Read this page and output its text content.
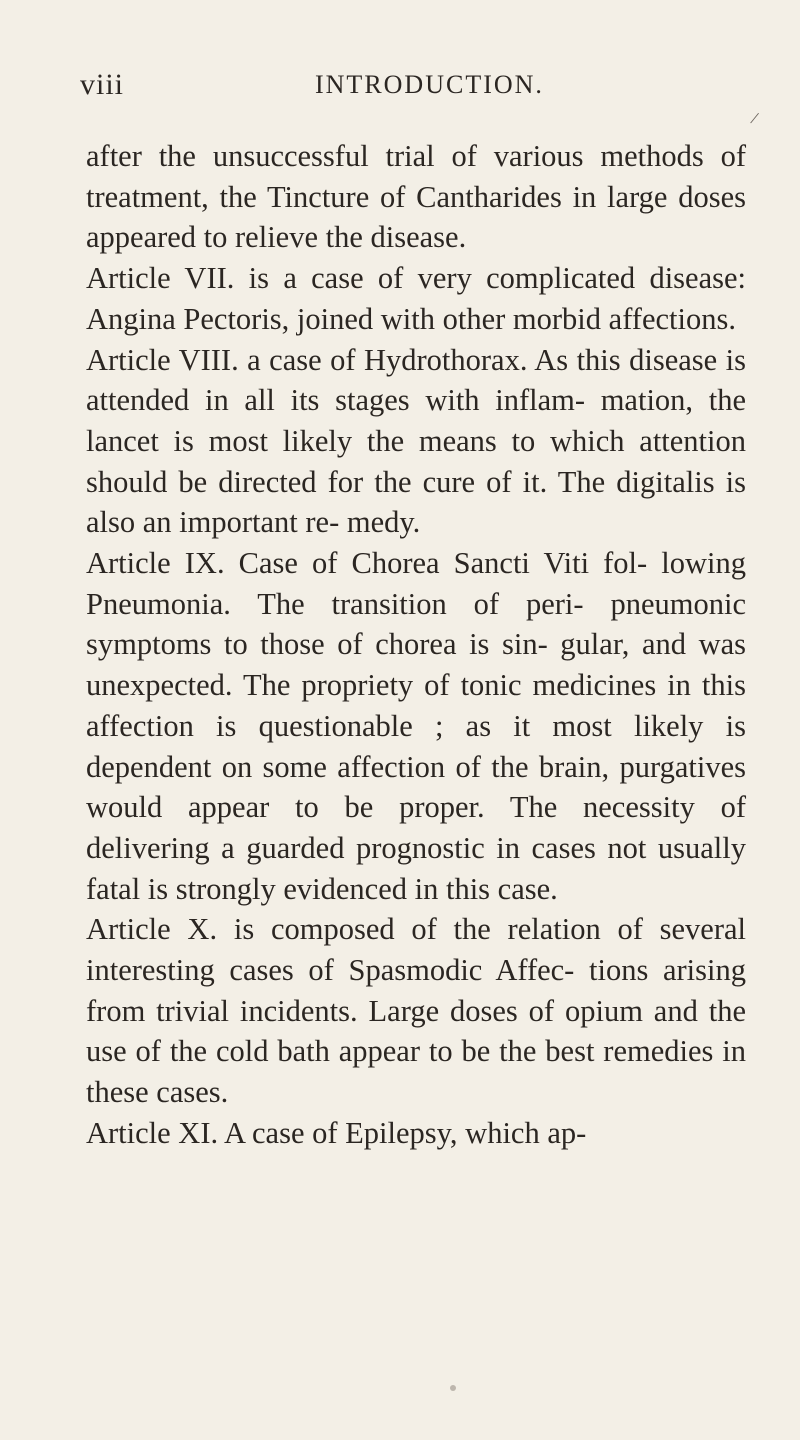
viii	INTRODUCTION.
/

after the unsuccessful trial of various methods of treatment, the Tincture of Cantharides in large doses appeared to relieve the disease.

Article VII. is a case of very complicated disease: Angina Pectoris, joined with other morbid affections.

Article VIII. a case of Hydrothorax. As this disease is attended in all its stages with inflam- mation, the lancet is most likely the means to which attention should be directed for the cure of it. The digitalis is also an important re- medy.

Article IX. Case of Chorea Sancti Viti fol- lowing Pneumonia. The transition of peri- pneumonic symptoms to those of chorea is sin- gular, and was unexpected. The propriety of tonic medicines in this affection is questionable ; as it most likely is dependent on some affection of the brain, purgatives would appear to be proper. The necessity of delivering a guarded prognostic in cases not usually fatal is strongly evidenced in this case.

Article X. is composed of the relation of several interesting cases of Spasmodic Affec- tions arising from trivial incidents. Large doses of opium and the use of the cold bath appear to be the best remedies in these cases.

Article XI. A case of Epilepsy, which ap-
